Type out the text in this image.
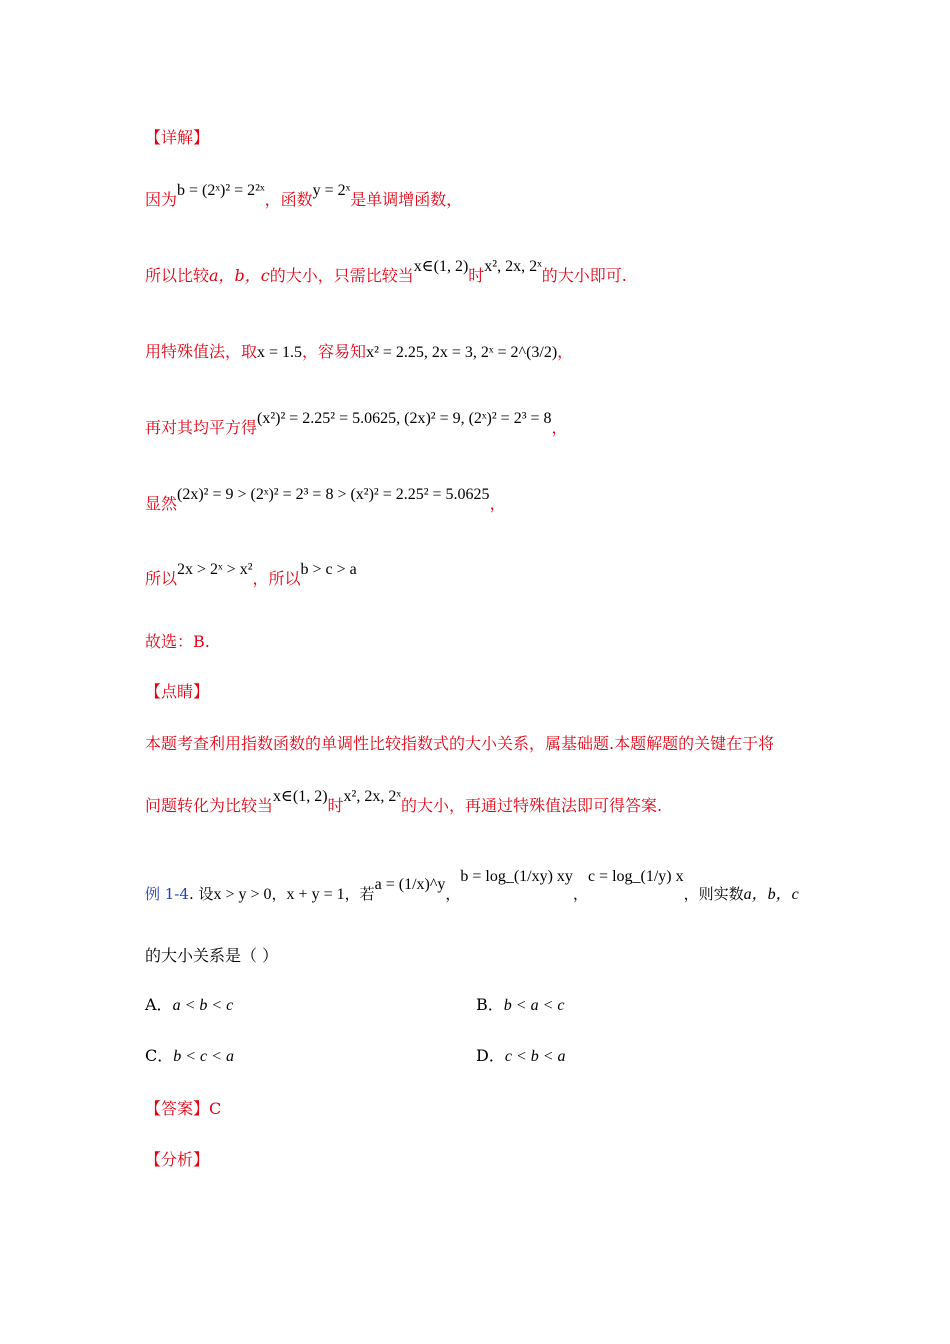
【详解】
因为b = (2ˣ)² = 2²ˣ，函数y = 2ˣ是单调增函数，
所以比较a，b，c的大小，只需比较当x∈(1, 2)时x², 2x, 2ˣ的大小即可.
用特殊值法，取x = 1.5，容易知x² = 2.25, 2x = 3, 2ˣ = 2^(3/2)，
再对其均平方得(x²)² = 2.25² = 5.0625, (2x)² = 9, (2ˣ)² = 2³ = 8，
显然(2x)² = 9 > (2ˣ)² = 2³ = 8 > (x²)² = 2.25² = 5.0625，
所以2x > 2ˣ > x²，所以b > c > a
故选：B.
【点睛】
本题考查利用指数函数的单调性比较指数式的大小关系，属基础题.本题解题的关键在于将
问题转化为比较当x∈(1, 2)时x², 2x, 2ˣ的大小，再通过特殊值法即可得答案.
例 1-4. 设x > y > 0，x + y = 1，若a = (1/x)^y，b = log_(1/xy) xy，c = log_(1/y) x，则实数a，b，c
的大小关系是（ ）
A．a < b < c	B．b < a < c
C．b < c < a	D．c < b < a
【答案】C
【分析】
